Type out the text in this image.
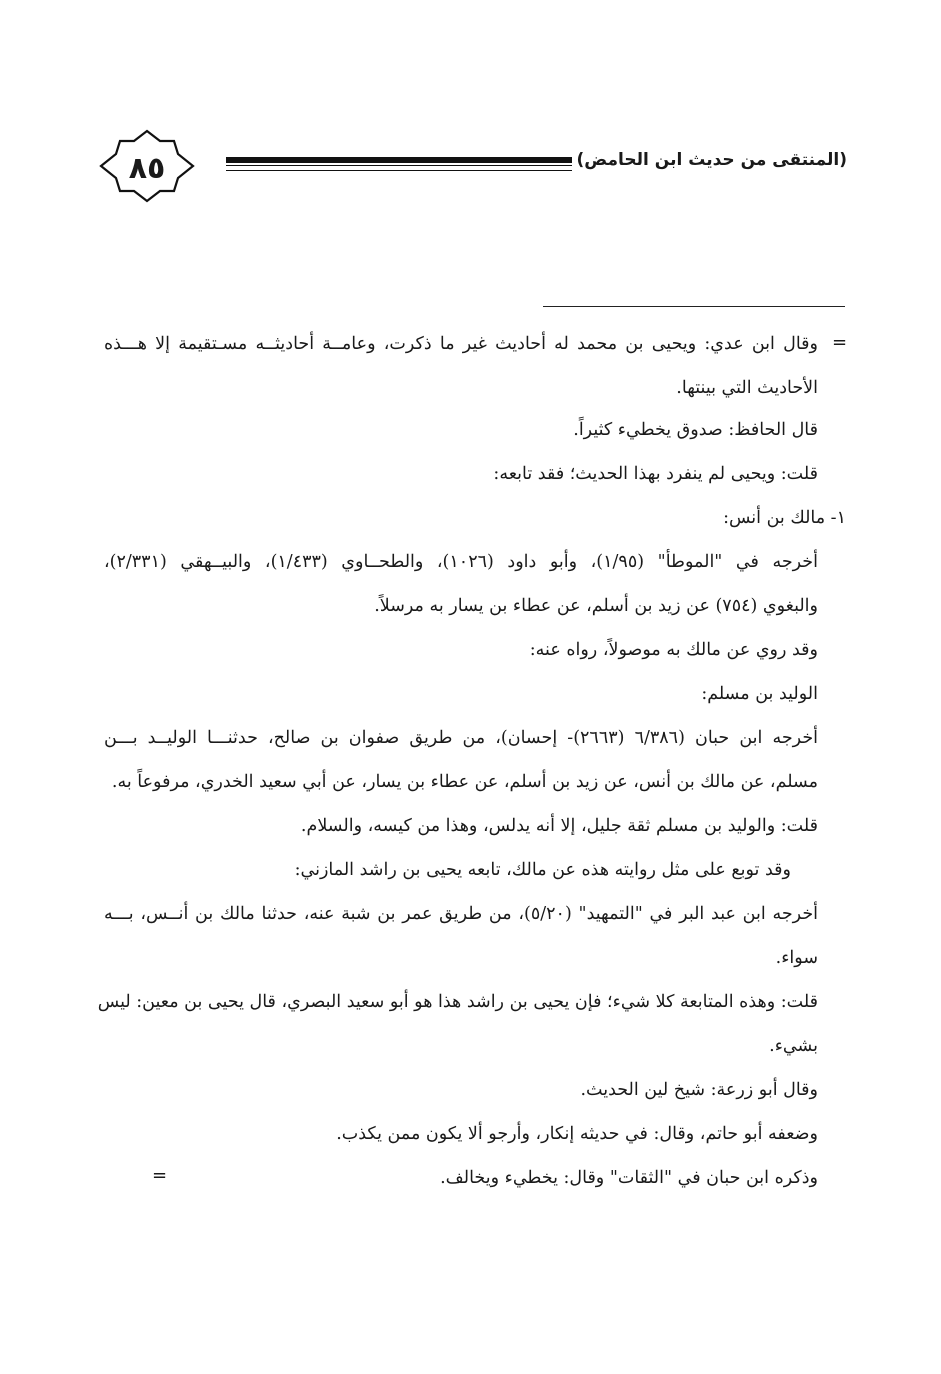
٨٥	(المنتقى من حديث ابن الحامض)
=
وقال ابن عدي: ويحيى بن محمد له أحاديث غير ما ذكرت، وعامــة أحاديثــه مسـتقيمة إلا هـــذه
الأحاديث التي بينتها.
قال الحافظ: صدوق يخطيء كثيراً.
قلت: ويحيى لم ينفرد بهذا الحديث؛ فقد تابعه:
١- مالك بن أنس:
أخرجه في "الموطأ" (١/٩٥)، وأبو داود (١٠٢٦)، والطحــاوي (١/٤٣٣)، والبيــهقي (٢/٣٣١)،
والبغوي (٧٥٤) عن زيد بن أسلم، عن عطاء بن يسار به مرسلاً.
وقد روي عن مالك به موصولاً، رواه عنه:
الوليد بن مسلم:
أخرجه ابن حبان (٦/٣٨٦ (٢٦٦٣)- إحسان)، من طريق صفوان بن صالح، حدثنـــا الوليــد بـــن
مسلم، عن مالك بن أنس، عن زيد بن أسلم، عن عطاء بن يسار، عن أبي سعيد الخدري، مرفوعاً به.
قلت: والوليد بن مسلم ثقة جليل، إلا أنه يدلس، وهذا من كيسه، والسلام.
وقد توبع على مثل روايته هذه عن مالك، تابعه يحيى بن راشد المازني:
أخرجه ابن عبد البر في "التمهيد" (٥/٢٠)، من طريق عمر بن شبة عنه، حدثنا مالك بن أنــس، بـــه
سواء.
قلت: وهذه المتابعة كلا شيء؛ فإن يحيى بن راشد هذا هو أبو سعيد البصري، قال يحيى بن معين: ليس
بشيء.
وقال أبو زرعة: شيخ لين الحديث.
وضعفه أبو حاتم، وقال: في حديثه إنكار، وأرجو ألا يكون ممن يكذب.
وذكره ابن حبان في "الثقات" وقال: يخطيء ويخالف.
=
